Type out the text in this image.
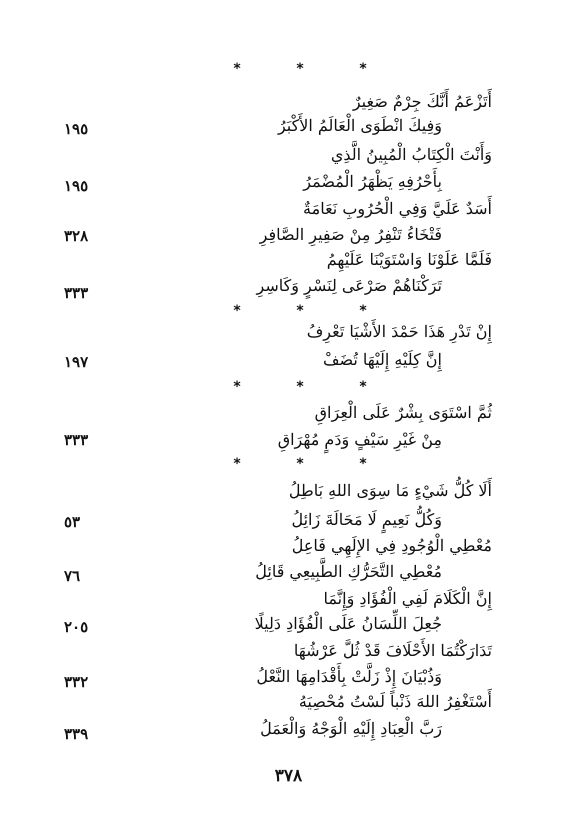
*	*	*
أَتَزْعَمُ أَنَّكَ جِرْمٌ صَغِيرٌ
وَفِيكَ انْطَوَى الْعَالَمُ الأَكْبَرُ
١٩٥
وَأَنْتَ الْكِتَابُ الْمُبِينُ الَّذِي
بِأَحْرُفِهِ يَظْهَرُ الْمُضْمَرُ
١٩٥
أَسَدٌ عَلَيَّ وَفِي الْحُرُوبِ نَعَامَةٌ
فَتْخَاءُ تَنْفِرُ مِنْ صَفِيرِ الصَّافِرِ
٣٢٨
فَلَمَّا عَلَوْنَا وَاسْتَوَيْنَا عَلَيْهِمُ
تَرَكْنَاهُمْ صَرْعَى لِنَسْرٍ وَكَاسِرِ
٣٣٣
*	*	*
إِنْ تَدْرِ هَذَا حَمْدَ الأَشْيَا تَعْرِفُ
إِنَّ كِلَيْهِ إِلَيْهَا تُضَفْ
١٩٧
*	*	*
ثُمَّ اسْتَوَى بِشْرٌ عَلَى الْعِرَاقِ
مِنْ غَيْرِ سَيْفٍ وَدَمٍ مُهْرَاقِ
٣٣٣
*	*	*
أَلَا كُلُّ شَيْءٍ مَا سِوَى اللهِ بَاطِلُ
وَكُلُّ نَعِيمٍ لَا مَحَالَةَ زَائِلُ
٥٣
مُعْطِي الْوُجُودِ فِي الإِلَهِي فَاعِلُ
مُعْطِي التَّحَرُّكِ الطَّبِيعِي قَائِلُ
٧٦
إِنَّ الْكَلَامَ لَفِي الْفُؤَادِ وَإِنَّمَا
جُعِلَ اللِّسَانُ عَلَى الْفُؤَادِ دَلِيلًا
٢٠٥
تَدَارَكْتُمَا الأَحْلَافَ قَدْ ثُلَّ عَرْشُهَا
وَذُبْيَانَ إِذْ زَلَّتْ بِأَقْدَامِهَا النَّعْلُ
٣٣٢
أَسْتَغْفِرُ اللهَ ذَنْباً لَسْتُ مُحْصِيَهُ
رَبَّ الْعِبَادِ إِلَيْهِ الْوَجْهُ وَالْعَمَلُ
٣٣٩
٣٧٨
